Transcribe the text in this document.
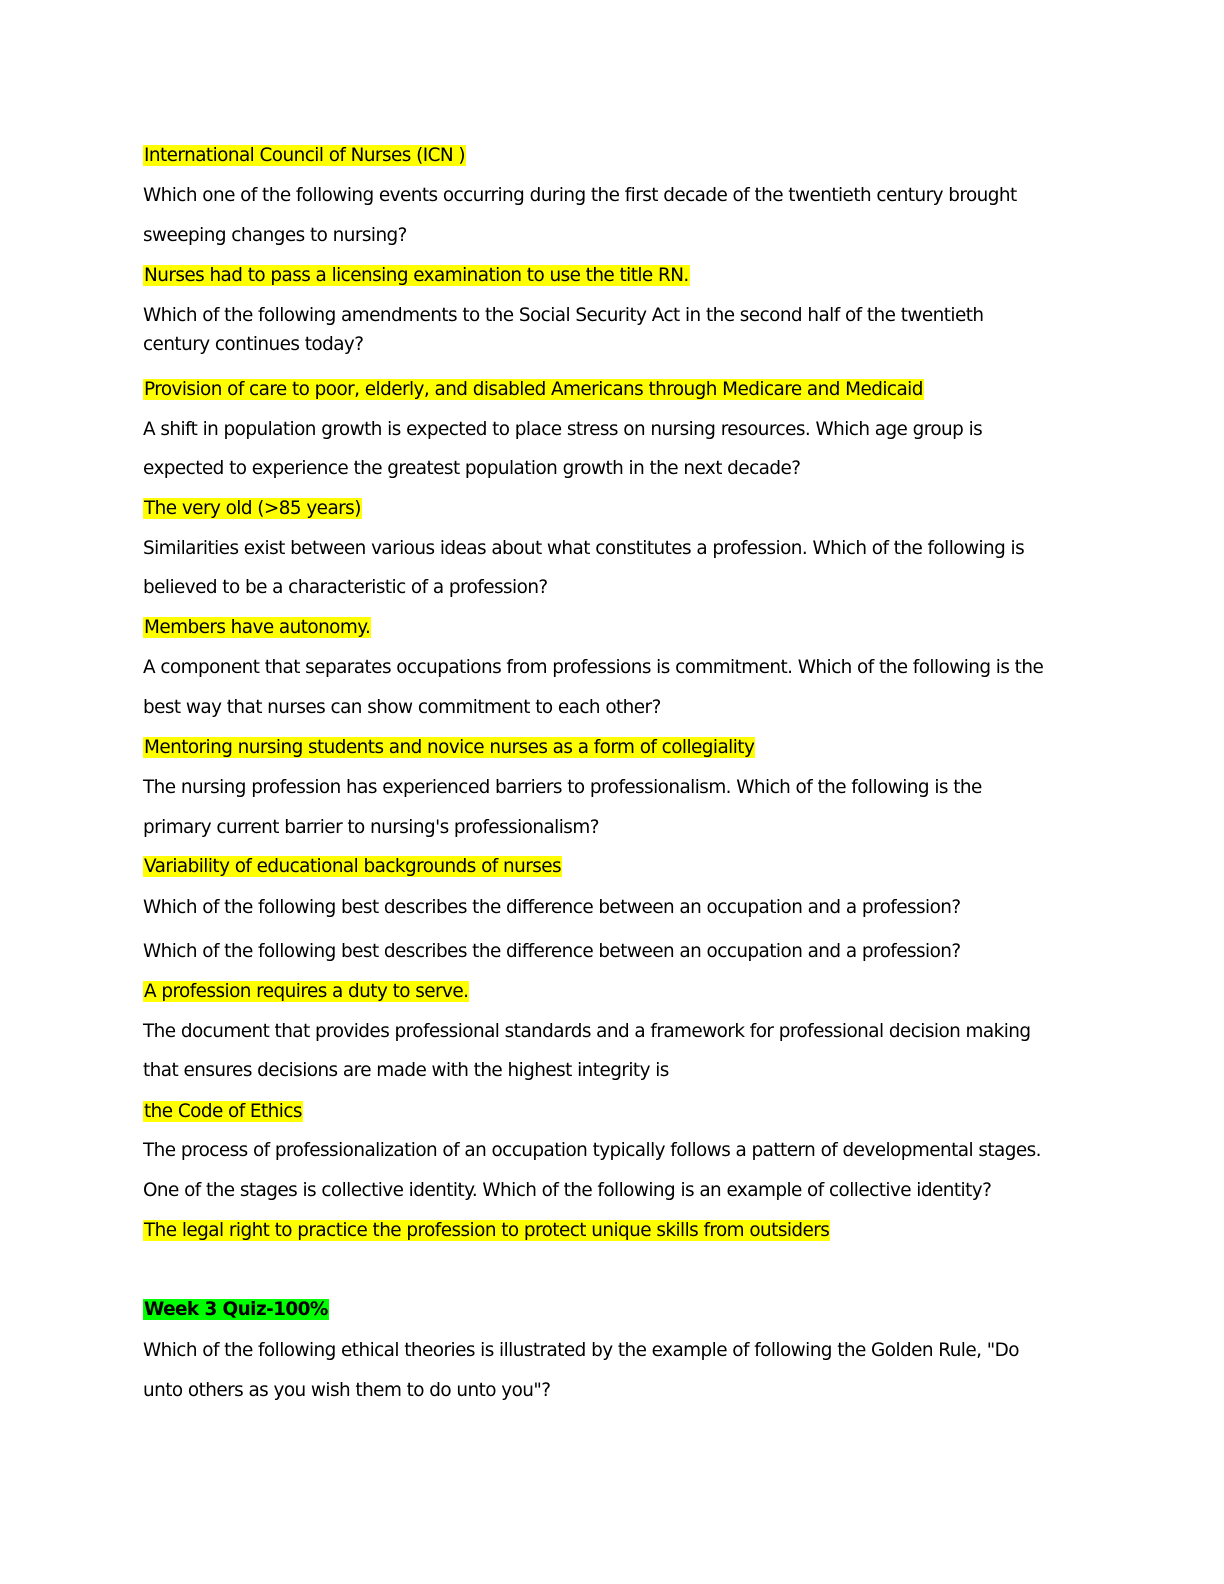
International Council of Nurses (ICN )

Which one of the following events occurring during the first decade of the twentieth century brought

sweeping changes to nursing?

Nurses had to pass a licensing examination to use the title RN.

Which of the following amendments to the Social Security Act in the second half of the twentieth

century continues today?

Provision of care to poor, elderly, and disabled Americans through Medicare and Medicaid

A shift in population growth is expected to place stress on nursing resources. Which age group is

expected to experience the greatest population growth in the next decade?

The very old (>85 years)

Similarities exist between various ideas about what constitutes a profession. Which of the following is

believed to be a characteristic of a profession?

Members have autonomy.

A component that separates occupations from professions is commitment. Which of the following is the

best way that nurses can show commitment to each other?

Mentoring nursing students and novice nurses as a form of collegiality

The nursing profession has experienced barriers to professionalism. Which of the following is the

primary current barrier to nursing's professionalism?

Variability of educational backgrounds of nurses

Which of the following best describes the difference between an occupation and a profession?

Which of the following best describes the difference between an occupation and a profession?

A profession requires a duty to serve.

The document that provides professional standards and a framework for professional decision making

that ensures decisions are made with the highest integrity is

the Code of Ethics

The process of professionalization of an occupation typically follows a pattern of developmental stages.

One of the stages is collective identity. Which of the following is an example of collective identity?

The legal right to practice the profession to protect unique skills from outsiders

Week 3 Quiz-100%

Which of the following ethical theories is illustrated by the example of following the Golden Rule, "Do

unto others as you wish them to do unto you"?
